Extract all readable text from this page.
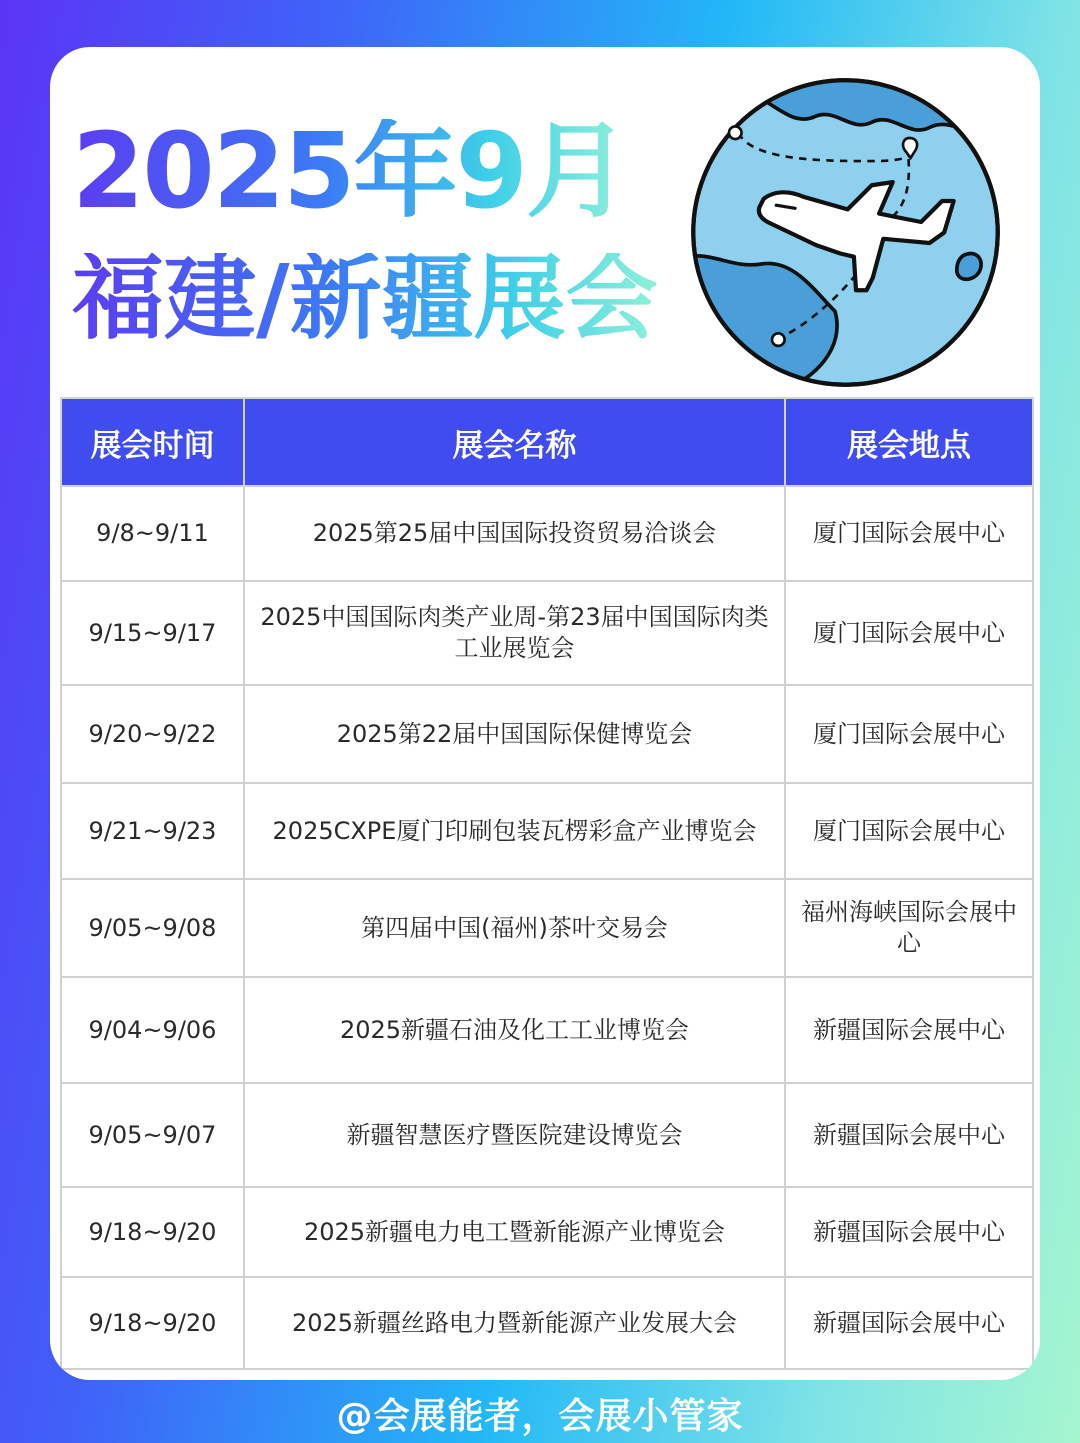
2025年9月
福建/新疆展会
展会时间	展会名称	展会地点
9/8~9/11	2025第25届中国国际投资贸易洽谈会	厦门国际会展中心
9/15~9/17	2025中国国际肉类产业周-第23届中国国际肉类工业展览会	厦门国际会展中心
9/20~9/22	2025第22届中国国际保健博览会	厦门国际会展中心
9/21~9/23	2025CXPE厦门印刷包装瓦楞彩盒产业博览会	厦门国际会展中心
9/05~9/08	第四届中国(福州)茶叶交易会	福州海峡国际会展中心
9/04~9/06	2025新疆石油及化工工业博览会	新疆国际会展中心
9/05~9/07	新疆智慧医疗暨医院建设博览会	新疆国际会展中心
9/18~9/20	2025新疆电力电工暨新能源产业博览会	新疆国际会展中心
9/18~9/20	2025新疆丝路电力暨新能源产业发展大会	新疆国际会展中心
@会展能者，会展小管家
